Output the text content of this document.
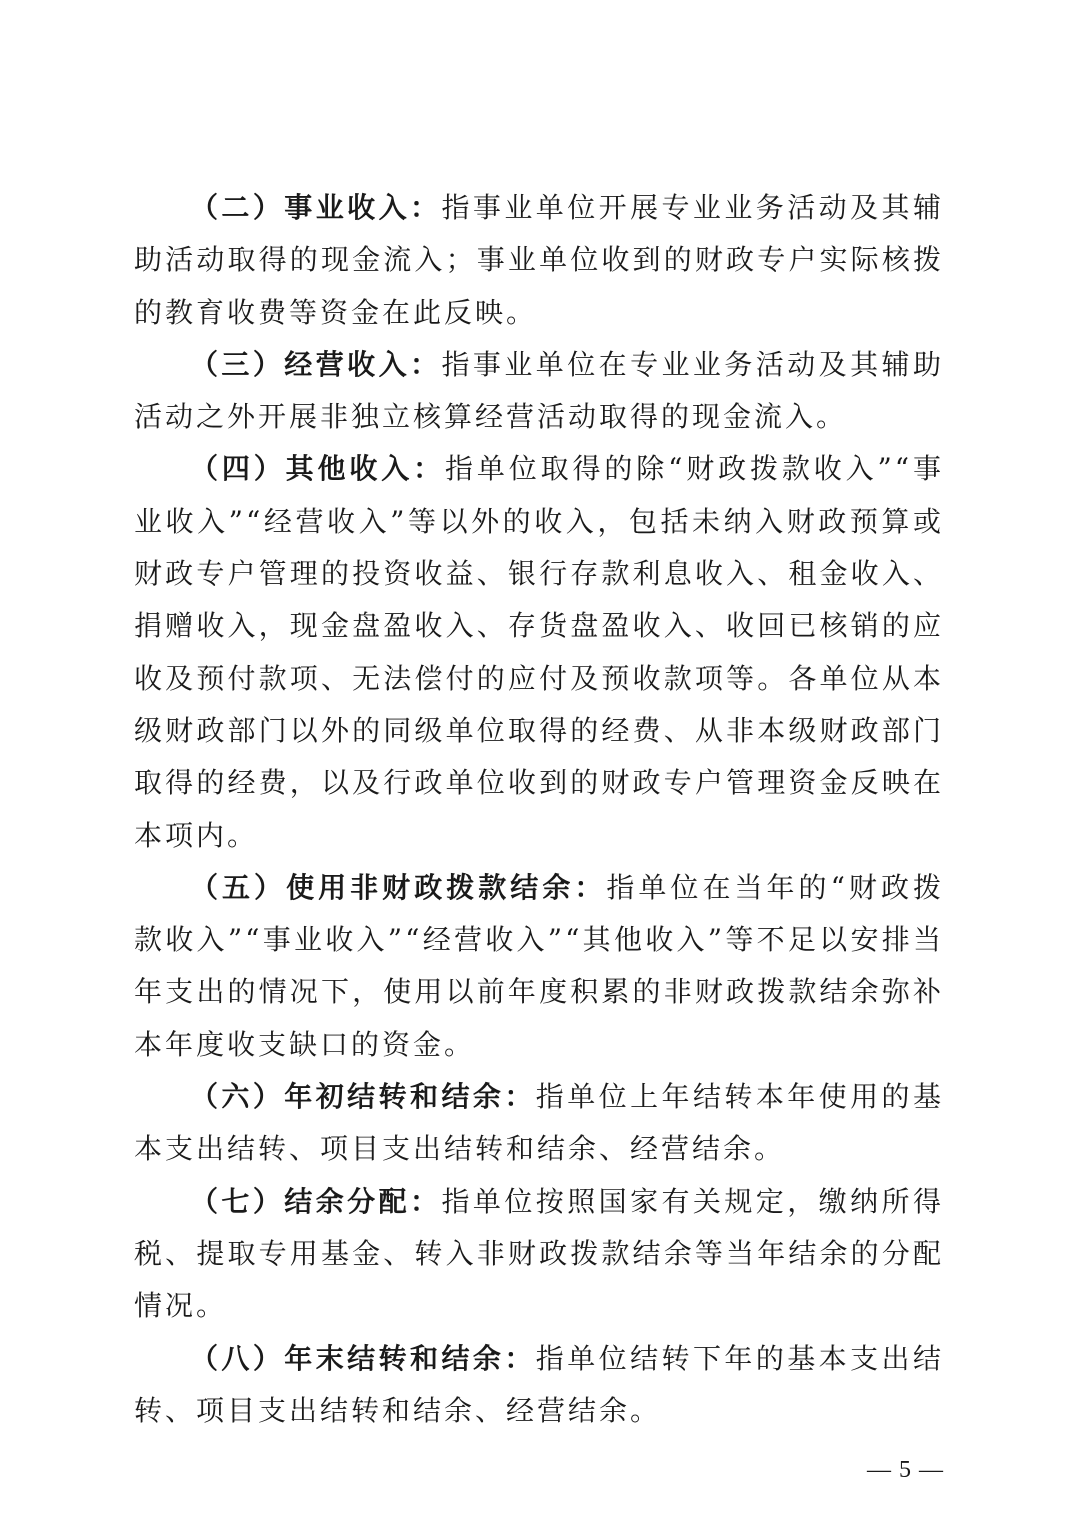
（二）事业收入：指事业单位开展专业业务活动及其辅助活动取得的现金流入；事业单位收到的财政专户实际核拨的教育收费等资金在此反映。

（三）经营收入：指事业单位在专业业务活动及其辅助活动之外开展非独立核算经营活动取得的现金流入。

（四）其他收入：指单位取得的除“财政拨款收入”“事业收入”“经营收入”等以外的收入，包括未纳入财政预算或财政专户管理的投资收益、银行存款利息收入、租金收入、捐赠收入，现金盘盈收入、存货盘盈收入、收回已核销的应收及预付款项、无法偿付的应付及预收款项等。各单位从本级财政部门以外的同级单位取得的经费、从非本级财政部门取得的经费，以及行政单位收到的财政专户管理资金反映在本项内。

（五）使用非财政拨款结余：指单位在当年的“财政拨款收入”“事业收入”“经营收入”“其他收入”等不足以安排当年支出的情况下，使用以前年度积累的非财政拨款结余弥补本年度收支缺口的资金。

（六）年初结转和结余：指单位上年结转本年使用的基本支出结转、项目支出结转和结余、经营结余。

（七）结余分配：指单位按照国家有关规定，缴纳所得税、提取专用基金、转入非财政拨款结余等当年结余的分配情况。

（八）年末结转和结余：指单位结转下年的基本支出结转、项目支出结转和结余、经营结余。

— 5 —
